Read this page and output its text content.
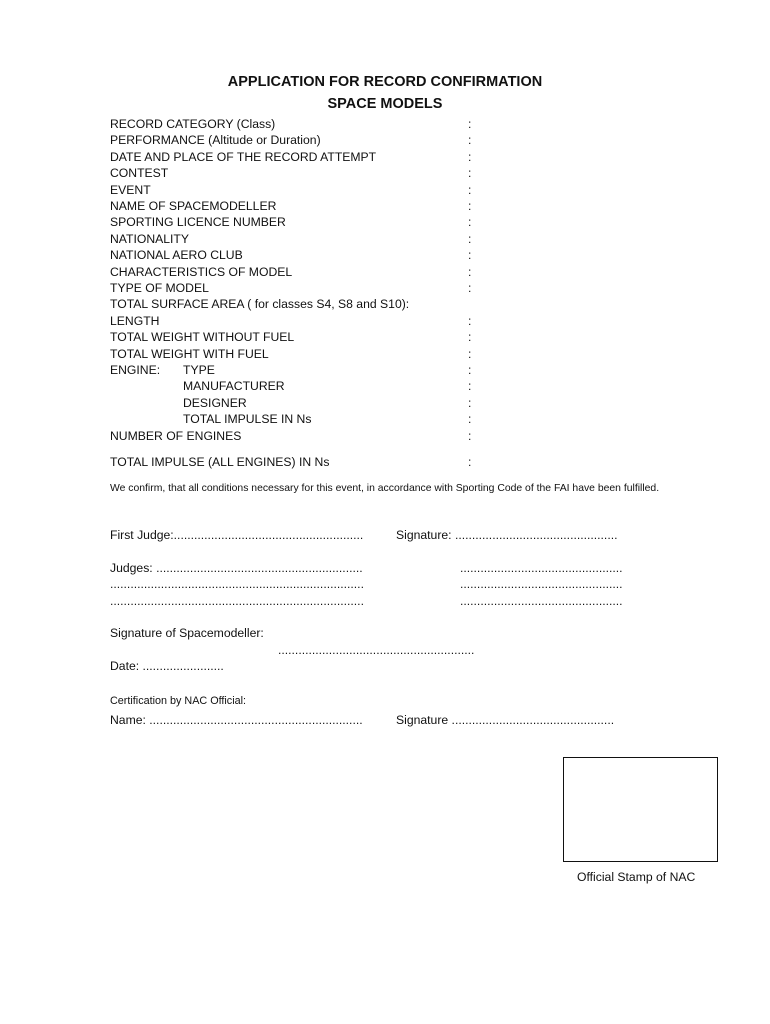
APPLICATION FOR RECORD CONFIRMATION
SPACE MODELS
RECORD CATEGORY (Class)	:
PERFORMANCE (Altitude or Duration)	:
DATE AND PLACE OF THE RECORD ATTEMPT	:
CONTEST	:
EVENT	:
NAME OF SPACEMODELLER	:
SPORTING LICENCE NUMBER	:
NATIONALITY	:
NATIONAL AERO CLUB	:
CHARACTERISTICS OF MODEL	:
TYPE OF MODEL	:
TOTAL SURFACE AREA ( for classes S4, S8 and S10):
LENGTH	:
TOTAL WEIGHT WITHOUT FUEL	:
TOTAL WEIGHT WITH FUEL	:
ENGINE: TYPE	:
MANUFACTURER	:
DESIGNER	:
TOTAL IMPULSE IN Ns	:
NUMBER OF ENGINES	:
TOTAL IMPULSE (ALL ENGINES) IN Ns	:
We confirm, that all conditions necessary for this event, in accordance with Sporting Code of the FAI have been fulfilled.
First Judge:........................................................	Signature: ................................................
Judges: .............................................................	................................................
...........................................................................	................................................
...........................................................................	................................................
Signature of Spacemodeller:
..........................................................
Date: ........................
Certification by NAC Official:
Name: ...............................................................	Signature ................................................
Official Stamp of NAC
